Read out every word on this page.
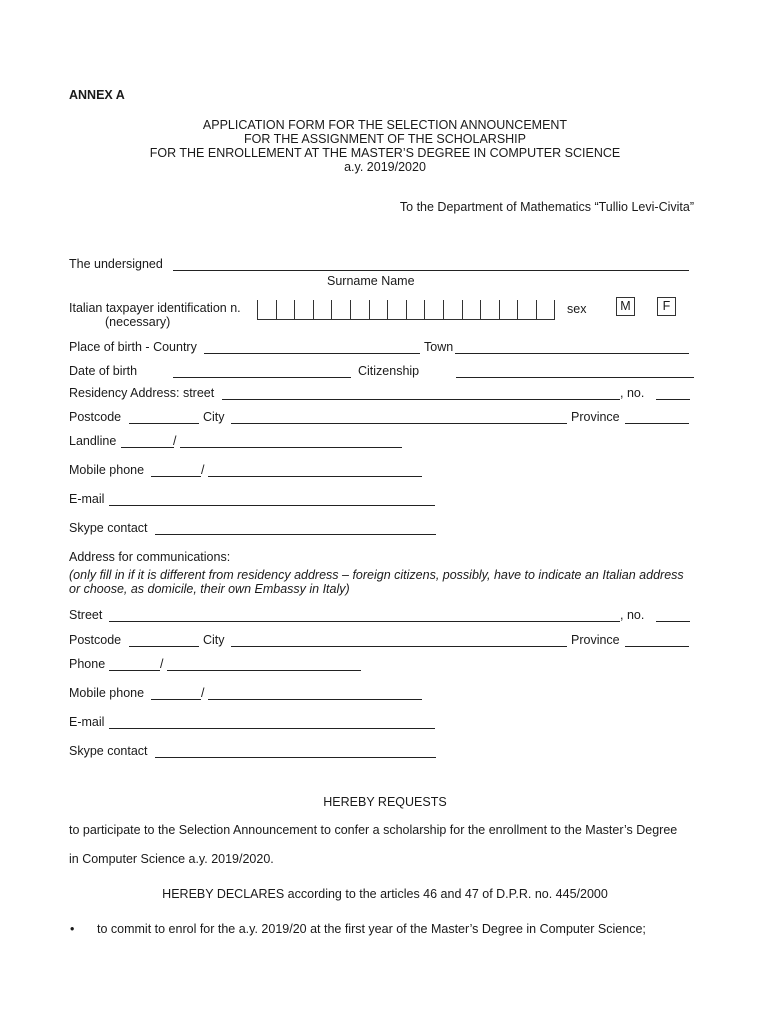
ANNEX A
APPLICATION FORM FOR THE SELECTION ANNOUNCEMENT
FOR THE ASSIGNMENT OF THE SCHOLARSHIP
FOR THE ENROLLEMENT AT THE MASTER’S DEGREE IN COMPUTER SCIENCE
a.y. 2019/2020
To the Department of Mathematics “Tullio Levi-Civita”
The undersigned
Surname Name
Italian taxpayer identification n.
(necessary)
sex	M	F
Place of birth - Country	Town
Date of birth	Citizenship
Residency Address: street	, no.
Postcode	City	Province
Landline	/
Mobile phone	/
E-mail
Skype contact
Address for communications:
(only fill in if it is different from residency address – foreign citizens, possibly, have to indicate an Italian address
or choose, as domicile, their own Embassy in Italy)
Street	, no.
Postcode	City	Province
Phone	/
Mobile phone	/
E-mail
Skype contact
HEREBY REQUESTS
to participate to the Selection Announcement to confer a scholarship for the enrollment to the Master’s Degree
in Computer Science a.y. 2019/2020.
HEREBY DECLARES according to the articles 46 and 47 of D.P.R. no. 445/2000
• to commit to enrol for the a.y. 2019/20 at the first year of the Master’s Degree in Computer Science;
